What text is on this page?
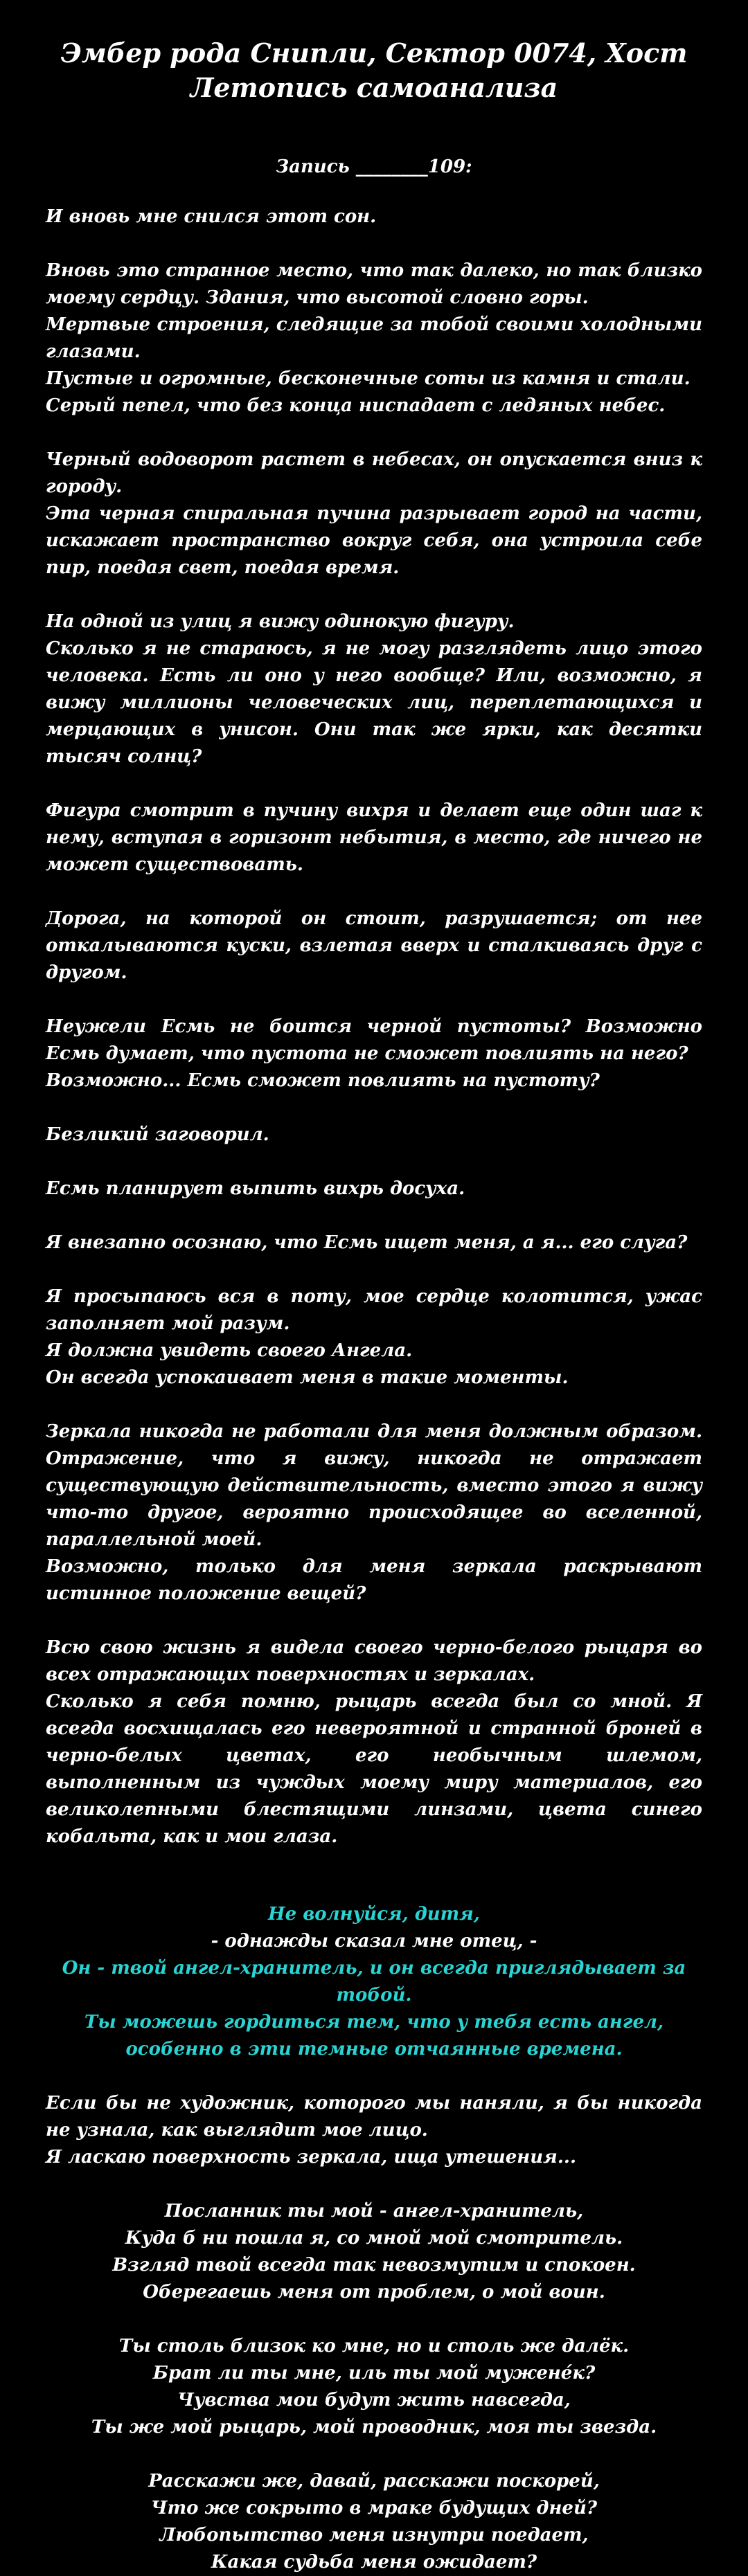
Эмбер рода Снипли, Сектор 0074, Хост
Летопись самоанализа
Запись ________109:

И вновь мне снился этот сон.

Вновь это странное место, что так далеко, но так близко моему сердцу. Здания, что высотой словно горы.

Мертвые строения, следящие за тобой своими холодными глазами.

Пустые и огромные, бесконечные соты из камня и стали.

Серый пепел, что без конца ниспадает с ледяных небес.

Черный водоворот растет в небесах, он опускается вниз к городу.

Эта черная спиральная пучина разрывает город на части, искажает пространство вокруг себя, она устроила себе пир, поедая свет, поедая время.

На одной из улиц я вижу одинокую фигуру.

Сколько я не стараюсь, я не могу разглядеть лицо этого человека. Есть ли оно у него вообще? Или, возможно, я вижу миллионы человеческих лиц, переплетающихся и мерцающих в унисон. Они так же ярки, как десятки тысяч солнц?

Фигура смотрит в пучину вихря и делает еще один шаг к нему, вступая в горизонт небытия, в место, где ничего не может существовать.

Дорога, на которой он стоит, разрушается; от нее откалываются куски, взлетая вверх и сталкиваясь друг с другом.

Неужели Есмь не боится черной пустоты? Возможно Есмь думает, что пустота не сможет повлиять на него?

Возможно... Есмь сможет повлиять на пустоту?

Безликий заговорил.

Есмь планирует выпить вихрь досуха.

Я внезапно осознаю, что Есмь ищет меня, а я... его слуга?

Я просыпаюсь вся в поту, мое сердце колотится, ужас заполняет мой разум.

Я должна увидеть своего Ангела.

Он всегда успокаивает меня в такие моменты.

Зеркала никогда не работали для меня должным образом. Отражение, что я вижу, никогда не отражает существующую действительность, вместо этого я вижу что-то другое, вероятно происходящее во вселенной, параллельной моей.

Возможно, только для меня зеркала раскрывают истинное положение вещей?

Всю свою жизнь я видела своего черно-белого рыцаря во всех отражающих поверхностях и зеркалах.

Сколько я себя помню, рыцарь всегда был со мной. Я всегда восхищалась его невероятной и странной броней в черно-белых цветах, его необычным шлемом, выполненным из чуждых моему миру материалов, его великолепными блестящими линзами, цвета синего кобальта, как и мои глаза.

Не волнуйся, дитя,

- однажды сказал мне отец, -

Он - твой ангел-хранитель, и он всегда приглядывает за тобой.

Ты можешь гордиться тем, что у тебя есть ангел,

особенно в эти темные отчаянные времена.

Если бы не художник, которого мы наняли, я бы никогда не узнала, как выглядит мое лицо.

Я ласкаю поверхность зеркала, ища утешения...

Посланник ты мой - ангел-хранитель,

Куда б ни пошла я, со мной мой смотритель.

Взгляд твой всегда так невозмутим и спокоен.

Оберегаешь меня от проблем, о мой воин.

Ты столь близок ко мне, но и столь же далёк.

Брат ли ты мне, иль ты мой мужене́к?

Чувства мои будут жить навсегда,

Ты же мой рыцарь, мой проводник, моя ты звезда.

Расскажи же, давай, расскажи поскорей,

Что же сокрыто в мраке будущих дней?

Любопытство меня изнутри поедает,

Какая судьба меня ожидает?
